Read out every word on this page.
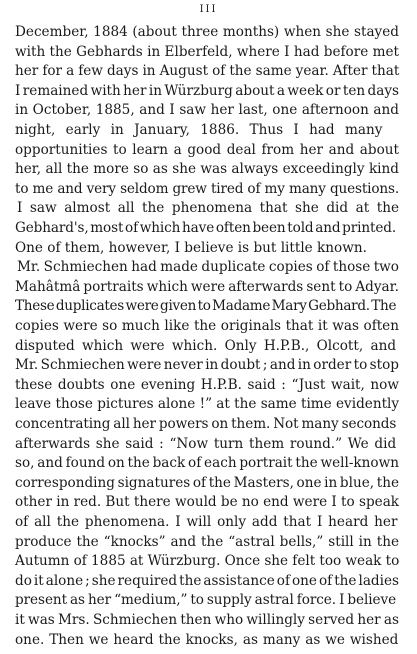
III
December, 1884 (about three months) when she stayed
with the Gebhards in Elberfeld, where I had before met
her for a few days in August of the same year. After that
I remained with her in Würzburg about a week or ten days
in October, 1885, and I saw her last, one afternoon and
night, early in January, 1886. Thus I had many
opportunities to learn a good deal from her and about
her, all the more so as she was always exceedingly kind
to me and very seldom grew tired of my many questions.
I saw almost all the phenomena that she did at the
Gebhard's, most of which have often been told and printed.
One of them, however, I believe is but little known.
Mr. Schmiechen had made duplicate copies of those two
Mahâtmâ portraits which were afterwards sent to Adyar.
These duplicates were given to Madame Mary Gebhard. The
copies were so much like the originals that it was often
disputed which were which. Only H.P.B., Olcott, and
Mr. Schmiechen were never in doubt ; and in order to stop
these doubts one evening H.P.B. said : “Just wait, now
leave those pictures alone !” at the same time evidently
concentrating all her powers on them. Not many seconds
afterwards she said : “Now turn them round.” We did
so, and found on the back of each portrait the well-known
corresponding signatures of the Masters, one in blue, the
other in red. But there would be no end were I to speak
of all the phenomena. I will only add that I heard her
produce the “knocks” and the “astral bells,” still in the
Autumn of 1885 at Würzburg. Once she felt too weak to
do it alone ; she required the assistance of one of the ladies
present as her “medium,” to supply astral force. I believe
it was Mrs. Schmiechen then who willingly served her as
one. Then we heard the knocks, as many as we wished
